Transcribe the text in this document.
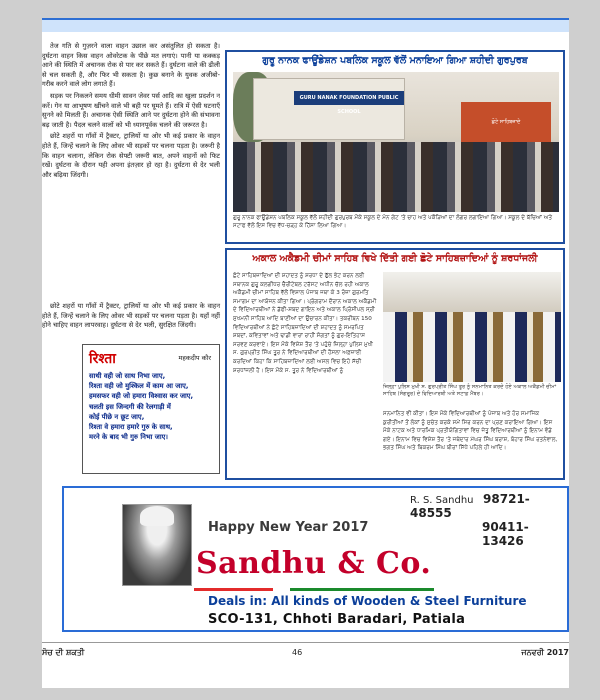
तेज गति से गुज़रने वाला वाहन उछाल कर असंतुलित हो सकता है। दुर्घटना वाहन किस वाहन ओवरेटक के पीछे मत लगाएं। पानी या कक्कड़ आने की स्थिति में अचानक रोक से पार कर सकते हैं। दुर्घटना वाले की ढीली से चल सकती है, और फिर भी सकता है। कुछ बनाने के युवक अजीबो-गरीब करने वाले लोग लगाते हैं।

सड़क पर निकलने समय धीमी सावन जेवर पर्स आदि का खुला प्रदर्शन न करें। गेन या आभूषण खींचने वाले भी बही पर घूमते हैं। रात्रि में ऐसी घटनाएँ सुनने को मिलती हैं। अचानक ऐसी स्थिति आने पर दुर्घटना होने की संभावना बढ़ जाती है। पैदल चलने वालों को भी ध्यानपूर्वक चलने की जरूरत है।

छोटे शहरों या गाँवों में ट्रैक्टर, ट्रालियों या ओर भी कई प्रकार के वाहन होते हैं, जिन्हें चलाने के लिए ओवर भी सड़कों पर चलना पड़ता है। जरूरी है कि वाहन चलाना, लेकिन रोक सेफ्टी जरूरी बात, अपने वाहनों को फिट रखें। दुर्घटना के दौरान यही अपना इंतज़ार हो रहा है। दुर्घटना से देर भली और बढ़िया जिंदगी।

ਗੁਰੂ ਨਾਨਕ ਫਾਊਂਡੇਸ਼ਨ ਪਬਲਿਕ ਸਕੂਲ ਵੱਲੋਂ ਮਨਾਇਆ ਗਿਆ ਸ਼ਹੀਦੀ ਗੁਰਪੁਰਬ
GURU NANAK FOUNDATION PUBLIC SCHOOL
ਛੋਟੇ ਸਾਹਿਬਜ਼ਾਦੇ
ਗੁਰੂ ਨਾਨਕ ਫਾਊਂਡੇਸ਼ਨ ਪਬਲਿਕ ਸਕੂਲ ਵੱਲੋਂ ਸ਼ਹੀਦੀ ਗੁਰਪੁਰਬ ਮੌਕੇ ਸਕੂਲ ਦੇ ਮੰਨ ਗੇਟ 'ਤੇ ਚਾਹ ਅਤੇ ਪਕੌੜਿਆਂ ਦਾ ਲੰਗਰ ਲਗਾਇਆ ਗਿਆ। ਸਕੂਲ ਦੇ ਬੱਚਿਆਂ ਅਤੇ ਸਟਾਫ ਵੱਲੋਂ ਇਸ ਵਿਚ ਵੱਧ-ਚੜ੍ਹ ਕੇ ਹਿੱਸਾ ਲਿਆ ਗਿਆ।
ਅਕਾਲ ਅਕੈਡਮੀ ਚੀਮਾਂ ਸਾਹਿਬ ਵਿਖੇ ਦਿੱਤੀ ਗਈ ਛੋਟੇ ਸਾਹਿਬਜ਼ਾਦਿਆਂ ਨੂੰ ਸ਼ਰਧਾਂਜਲੀ
ਛੋਟੇ ਸਾਹਿਬਜ਼ਾਦਿਆਂ ਦੀ ਸ਼ਹਾਦਤ ਨੂੰ ਸ਼ਰਧਾ ਦੇ ਫੁੱਲ ਭੇਟ ਕਰਨ ਲਈ ਸਥਾਨਕ ਗੁਰੂ ਕਲਗੀਧਰ ਚੈਰੀਟੇਬਲ ਟਰੱਸਟ ਅਧੀਨ ਚੱਲ ਰਹੀ ਅਕਾਲ ਅਕੈਡਮੀ ਚੀਮਾਂ ਸਾਹਿਬ ਵੱਲੋਂ ਵਿਸ਼ਾਲ ਪੰਜਾਬ ਜਥਾ ਕੇ 3 ਰੋਜ਼ਾ ਗੁਰਮਤਿ ਸਮਾਗਮ ਦਾ ਆਯੋਜਨ ਕੀਤਾ ਗਿਆ। ਪ੍ਰੋਗਰਾਮ ਦੌਰਾਨ ਅਕਾਲ ਅਕੈਡਮੀ ਦੇ ਵਿਦਿਆਰਥੀਆਂ ਨੇ ਡੱਫੀ-ਸ਼ਬਦ ਗਾਇਨ ਅਤੇ ਅਕਾਲ ਪ੍ਰਿੰਸੀਪਲ ਸ੍ਰੀ ਸੁਖਮਨੀ ਸਾਹਿਬ ਆਦਿ ਬਾਣੀਆਂ ਦਾ ਉਚਾਰਨ ਕੀਤਾ। ਤਕਰੀਬਨ 150 ਵਿਦਿਆਰਥੀਆਂ ਨੇ ਛੋਟੇ ਸਾਹਿਬਜ਼ਾਦਿਆਂ ਦੀ ਸ਼ਹਾਦਤ ਨੂੰ ਸਮਰਪਿਤ ਸ਼ਬਦਾਂ, ਕਵਿਤਾਵਾਂ ਅਤੇ ਢਾਡੀ ਵਾਰਾਂ ਰਾਹੀਂ ਸੰਗਤਾਂ ਨੂੰ ਗੁਰ-ਇਤਿਹਾਸ ਸਰਵਣ ਕਰਵਾਏ। ਇਸ ਮੌਕੇ ਵਿਸ਼ੇਸ਼ ਤੌਰ 'ਤੇ ਪਹੁੰਚੇ ਜ਼ਿਲ੍ਹਾ ਪੁਲਿਸ ਮੁਖੀ ਸ. ਗੁਰਪ੍ਰੀਤ ਸਿੰਘ ਤੂਰ ਨੇ ਵਿਦਿਆਰਥੀਆਂ ਦੀ ਹੌਸਲਾ ਅਫ਼ਜ਼ਾਈ ਕਰਦਿਆਂ ਕਿਹਾ ਕਿ ਸਾਹਿਬਜ਼ਾਦਿਆਂ ਲਈ ਅਸਲ ਵਿਚ ਇਹੋ ਸੱਚੀ ਸ਼ਰਧਾਂਜਲੀ ਹੈ। ਇਸ ਮੌਕੇ ਸ. ਤੂਰ ਨੇ ਵਿਦਿਆਰਥੀਆਂ ਨੂੰ
ਜ਼ਿਲ੍ਹਾ ਪੁਲਿਸ ਮੁਖੀ ਸ. ਗੁਰਪ੍ਰੀਤ ਸਿੰਘ ਤੂਰ ਨੂੰ ਸਨਮਾਨਿਤ ਕਰਦੇ ਹੋਏ ਅਕਾਲ ਅਕੈਡਮੀ ਚੀਮਾਂ ਸਾਹਿਬ (ਸੰਗਰੂਰ) ਦੇ ਵਿਦਿਆਰਥੀ ਅਤੇ ਸਟਾਫ਼ ਮੈਂਬਰ।
ਸਨਮਾਨਿਤ ਵੀ ਕੀਤਾ। ਇਸ ਮੌਕੇ ਵਿਦਿਆਰਥੀਆਂ ਨੂੰ ਪੰਜਾਬ ਅਤੇ ਹੋਰ ਸਮਾਜਿਕ ਕੁਰੀਤੀਆਂ ਤੋਂ ਲੋਕਾਂ ਨੂੰ ਸੁਚੇਤ ਕਰਕੇ ਸਮੇਂ ਸਿਰ ਕਰਨ ਦਾ ਪ੍ਰਣ ਕਰਾਇਆ ਗਿਆ। ਇਸ ਮੌਕੇ ਨਾਟਕ ਅਤੇ ਧਾਰਮਿਕ ਪ੍ਰਤੀਯੋਗਿਤਾਵਾਂ ਵਿਚ ਜੇਤੂ ਵਿਦਿਆਰਥੀਆਂ ਨੂੰ ਇਨਾਮ ਵੰਡੇ ਗਏ। ਇਨਾਮ ਵਿਚ ਵਿਸ਼ੇਸ਼ ਤੌਰ 'ਤੇ ਜਥੇਦਾਰ ਮੱਘਰ ਸਿੰਘ ਬਰਾਸ਼, ਬੋਹਾਰ ਸਿੰਘ ਰਤਨੇਵਾਲ, ਭਗਤ ਸਿੰਘ ਅਤੇ ਬਿਕਰਮ ਸਿੰਘ ਬੀਰਾਂ ਸਿੱਧੇ ਪਹਿਲੇ ਹੀ ਆਦਿ।

छोटे शहरों या गाँवों में ट्रैक्टर, ट्रालियों या ओर भी कई प्रकार के वाहन होते हैं, जिन्हें चलाने के लिए ओवर भी सड़कों पर चलना पड़ता है। यहाँ नहीं होने चाहिए वाहन लापरवाह। दुर्घटना से देर भली, सुरक्षित जिंदगी।

रिश्ता	महकदीप कौर
साथी वही जो साथ निभा जाए,
रिश्ता वही जो मुश्किल में काम आ जाए,
हमसफर वही जो हमारा विश्वास कर जाए,
चलती इस जिन्दगी की रेलगाड़ी में
कोई पीछे न छूट जाए,
रिश्ता वे हमारा हमारे गुरु के साथ,
मरने के बाद भी गुरु निभा जाए।
R. S. Sandhu 98721-48555
90411-13426
Happy New Year 2017
Sandhu & Co.
Deals in: All kinds of Wooden & Steel Furniture
SCO-131, Chhoti Baradari, Patiala
ਸੋਚ ਦੀ ਸ਼ਕਤੀ	46	ਜਨਵਰੀ 2017
